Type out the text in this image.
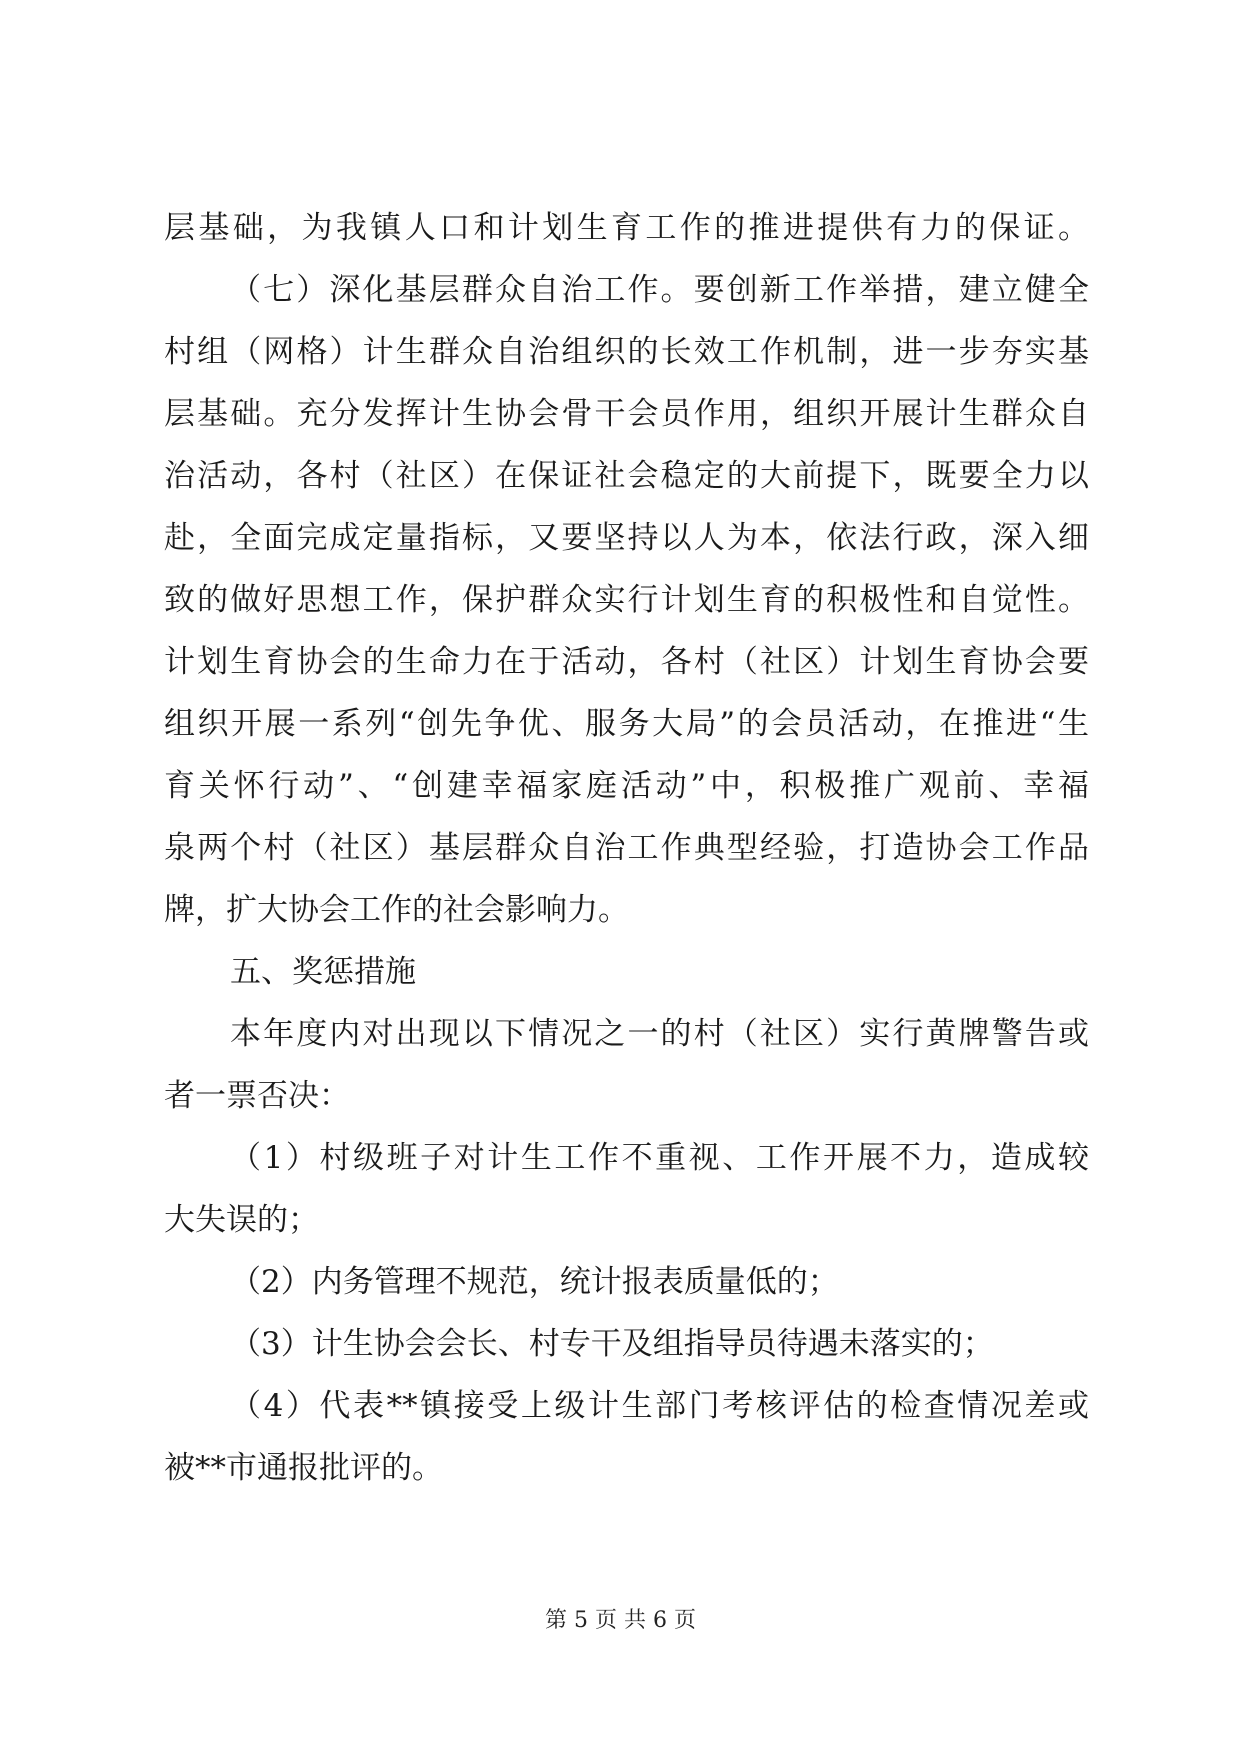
层基础，为我镇人口和计划生育工作的推进提供有力的保证。
（七）深化基层群众自治工作。要创新工作举措，建立健全
村组（网格）计生群众自治组织的长效工作机制，进一步夯实基
层基础。充分发挥计生协会骨干会员作用，组织开展计生群众自
治活动，各村（社区）在保证社会稳定的大前提下，既要全力以
赴，全面完成定量指标，又要坚持以人为本，依法行政，深入细
致的做好思想工作，保护群众实行计划生育的积极性和自觉性。
计划生育协会的生命力在于活动，各村（社区）计划生育协会要
组织开展一系列“创先争优、服务大局”的会员活动，在推进“生
育关怀行动”、“创建幸福家庭活动”中，积极推广观前、幸福
泉两个村（社区）基层群众自治工作典型经验，打造协会工作品
牌，扩大协会工作的社会影响力。
五、奖惩措施
本年度内对出现以下情况之一的村（社区）实行黄牌警告或
者一票否决：
（1）村级班子对计生工作不重视、工作开展不力，造成较
大失误的；
（2）内务管理不规范，统计报表质量低的；
（3）计生协会会长、村专干及组指导员待遇未落实的；
（4）代表**镇接受上级计生部门考核评估的检查情况差或
被**市通报批评的。
第 5 页 共 6 页
